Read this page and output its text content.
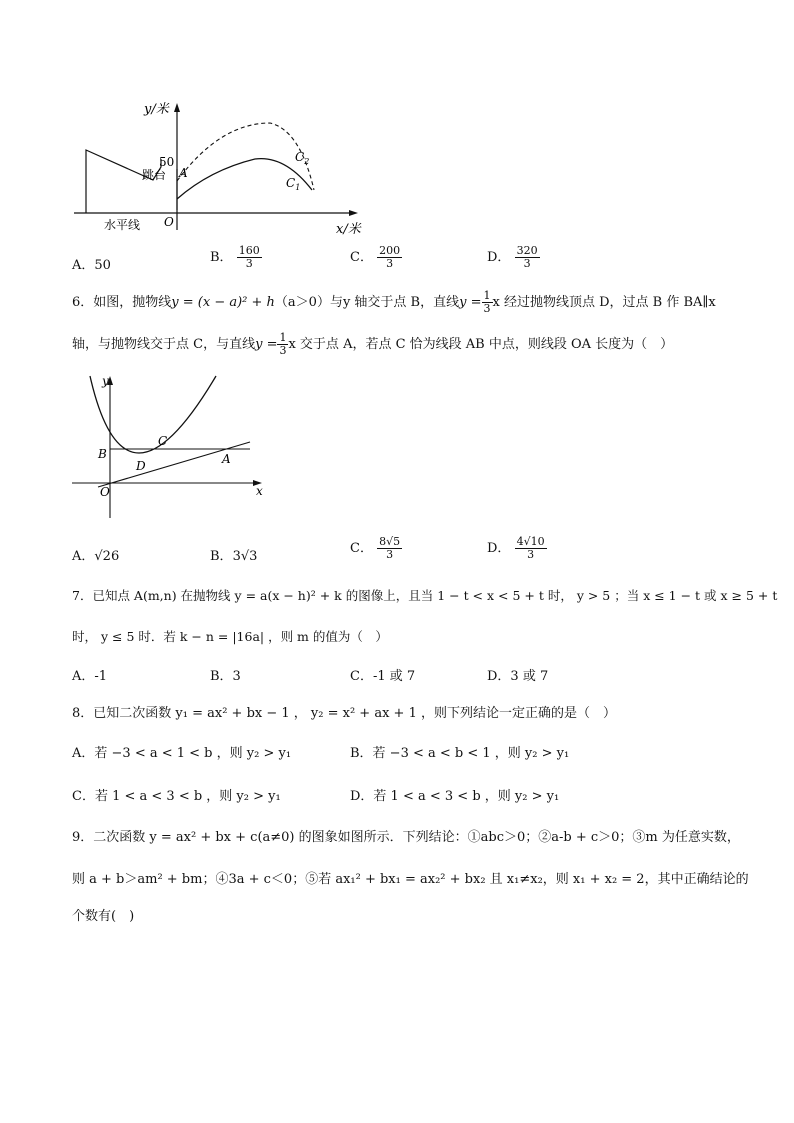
y/米
x/米
50
A
跳台
O
水平线
$C_2$
$C_1$
A．50
B． $\frac{160}{3}$	C． $\frac{200}{3}$	D． $\frac{320}{3}$
6．如图，抛物线y = (x − a)² + h（a＞0）与y 轴交于点 B，直线$y = \frac{1}{3}$ x 经过抛物线顶点 D，过点 B 作 BA∥x
轴，与抛物线交于点 C，与直线$y = \frac{1}{3}$ x 交于点 A，若点 C 恰为线段 AB 中点，则线段 OA 长度为（　）
y
x
B
C
D	A
O
A．√26	B．3√3
C． $\frac{8√5}{3}$	D． $\frac{4√10}{3}$
7．已知点 A(m,n) 在抛物线 y = a(x − h)² + k 的图像上，且当 1 − t < x < 5 + t 时， y > 5 ；当 x ≤ 1 − t 或 x ≥ 5 + t
时， y ≤ 5 时．若 k − n = |16a| ，则 m 的值为（　）
A．-1	B．3	C．-1 或 7	D．3 或 7
8．已知二次函数 y₁ = ax² + bx − 1 ， y₂ = x² + ax + 1 ，则下列结论一定正确的是（　）
A．若 −3 < a < 1 < b ，则 y₂ > y₁	B．若 −3 < a < b < 1 ，则 y₂ > y₁
C．若 1 < a < 3 < b ，则 y₂ > y₁	D．若 1 < a < 3 < b ，则 y₂ > y₁
9．二次函数 y = ax² + bx + c(a≠0) 的图象如图所示．下列结论：①abc＞0；②a-b + c＞0；③m 为任意实数，
则 a + b＞am² + bm；④3a + c＜0；⑤若 ax₁² + bx₁ = ax₂² + bx₂ 且 x₁≠x₂，则 x₁ + x₂ = 2，其中正确结论的
个数有(　)
